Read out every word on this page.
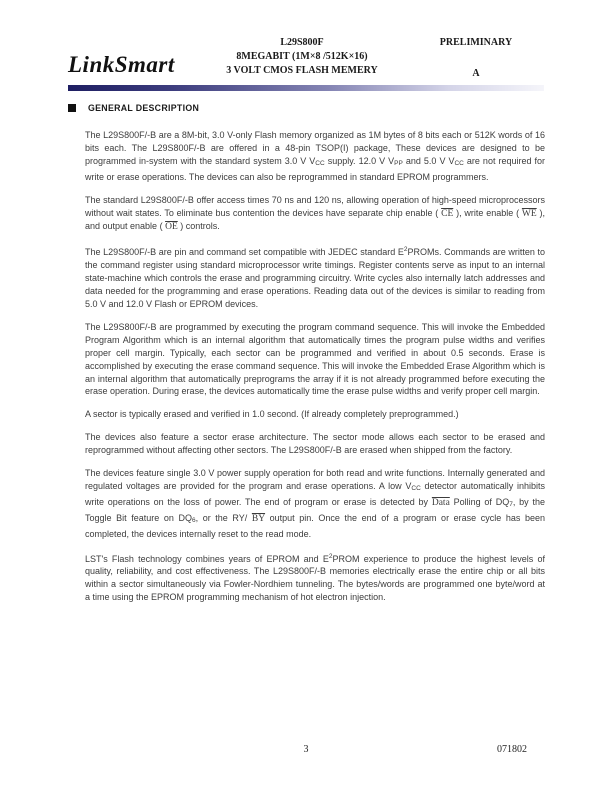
LinkSmart
L29S800F
8MEGABIT (1M×8 /512K×16)
3 VOLT CMOS FLASH MEMERY
PRELIMINARY
A
GENERAL DESCRIPTION

The L29S800F/-B are a 8M-bit, 3.0 V-only Flash memory organized as 1M bytes of 8 bits each or 512K words of 16 bits each. The L29S800F/-B are offered in a 48-pin TSOP(I) package, These devices are designed to be programmed in-system with the standard system 3.0 V VCC supply. 12.0 V VPP and 5.0 V VCC are not required for write or erase operations. The devices can also be reprogrammed in standard EPROM programmers.

The standard L29S800F/-B offer access times 70 ns and 120 ns, allowing operation of high-speed microprocessors without wait states. To eliminate bus contention the devices have separate chip enable ( $\overline{CE}$ ), write enable ( $\overline{WE}$ ), and output enable ( $\overline{OE}$ ) controls.

The L29S800F/-B are pin and command set compatible with JEDEC standard $E^2PROMs$. Commands are written to the command register using standard microprocessor write timings. Register contents serve as input to an internal state-machine which controls the erase and programming circuitry. Write cycles also internally latch addresses and data needed for the programming and erase operations. Reading data out of the devices is similar to reading from 5.0 V and 12.0 V Flash or EPROM devices.

The L29S800F/-B are programmed by executing the program command sequence. This will invoke the Embedded Program Algorithm which is an internal algorithm that automatically times the program pulse widths and verifies proper cell margin. Typically, each sector can be programmed and verified in about 0.5 seconds. Erase is accomplished by executing the erase command sequence. This will invoke the Embedded Erase Algorithm which is an internal algorithm that automatically preprograms the array if it is not already programmed before executing the erase operation. During erase, the devices automatically time the erase pulse widths and verify proper cell margin.

A sector is typically erased and verified in 1.0 second. (If already completely preprogrammed.)

The devices also feature a sector erase architecture. The sector mode allows each sector to be erased and reprogrammed without affecting other sectors. The L29S800F/-B are erased when shipped from the factory.

The devices feature single 3.0 V power supply operation for both read and write functions. Internally generated and regulated voltages are provided for the program and erase operations. A low VCC detector automatically inhibits write operations on the loss of power. The end of program or erase is detected by Data Polling of DQ7, by the Toggle Bit feature on DQ6, or the RY/ $\overline{BY}$ output pin. Once the end of a program or erase cycle has been completed, the devices internally reset to the read mode.

LST's Flash technology combines years of EPROM and $E^2PROM$ experience to produce the highest levels of quality, reliability, and cost effectiveness. The L29S800F/-B memories electrically erase the entire chip or all bits within a sector simultaneously via Fowler-Nordhiem tunneling. The bytes/words are programmed one byte/word at a time using the EPROM programming mechanism of hot electron injection.

3	071802
